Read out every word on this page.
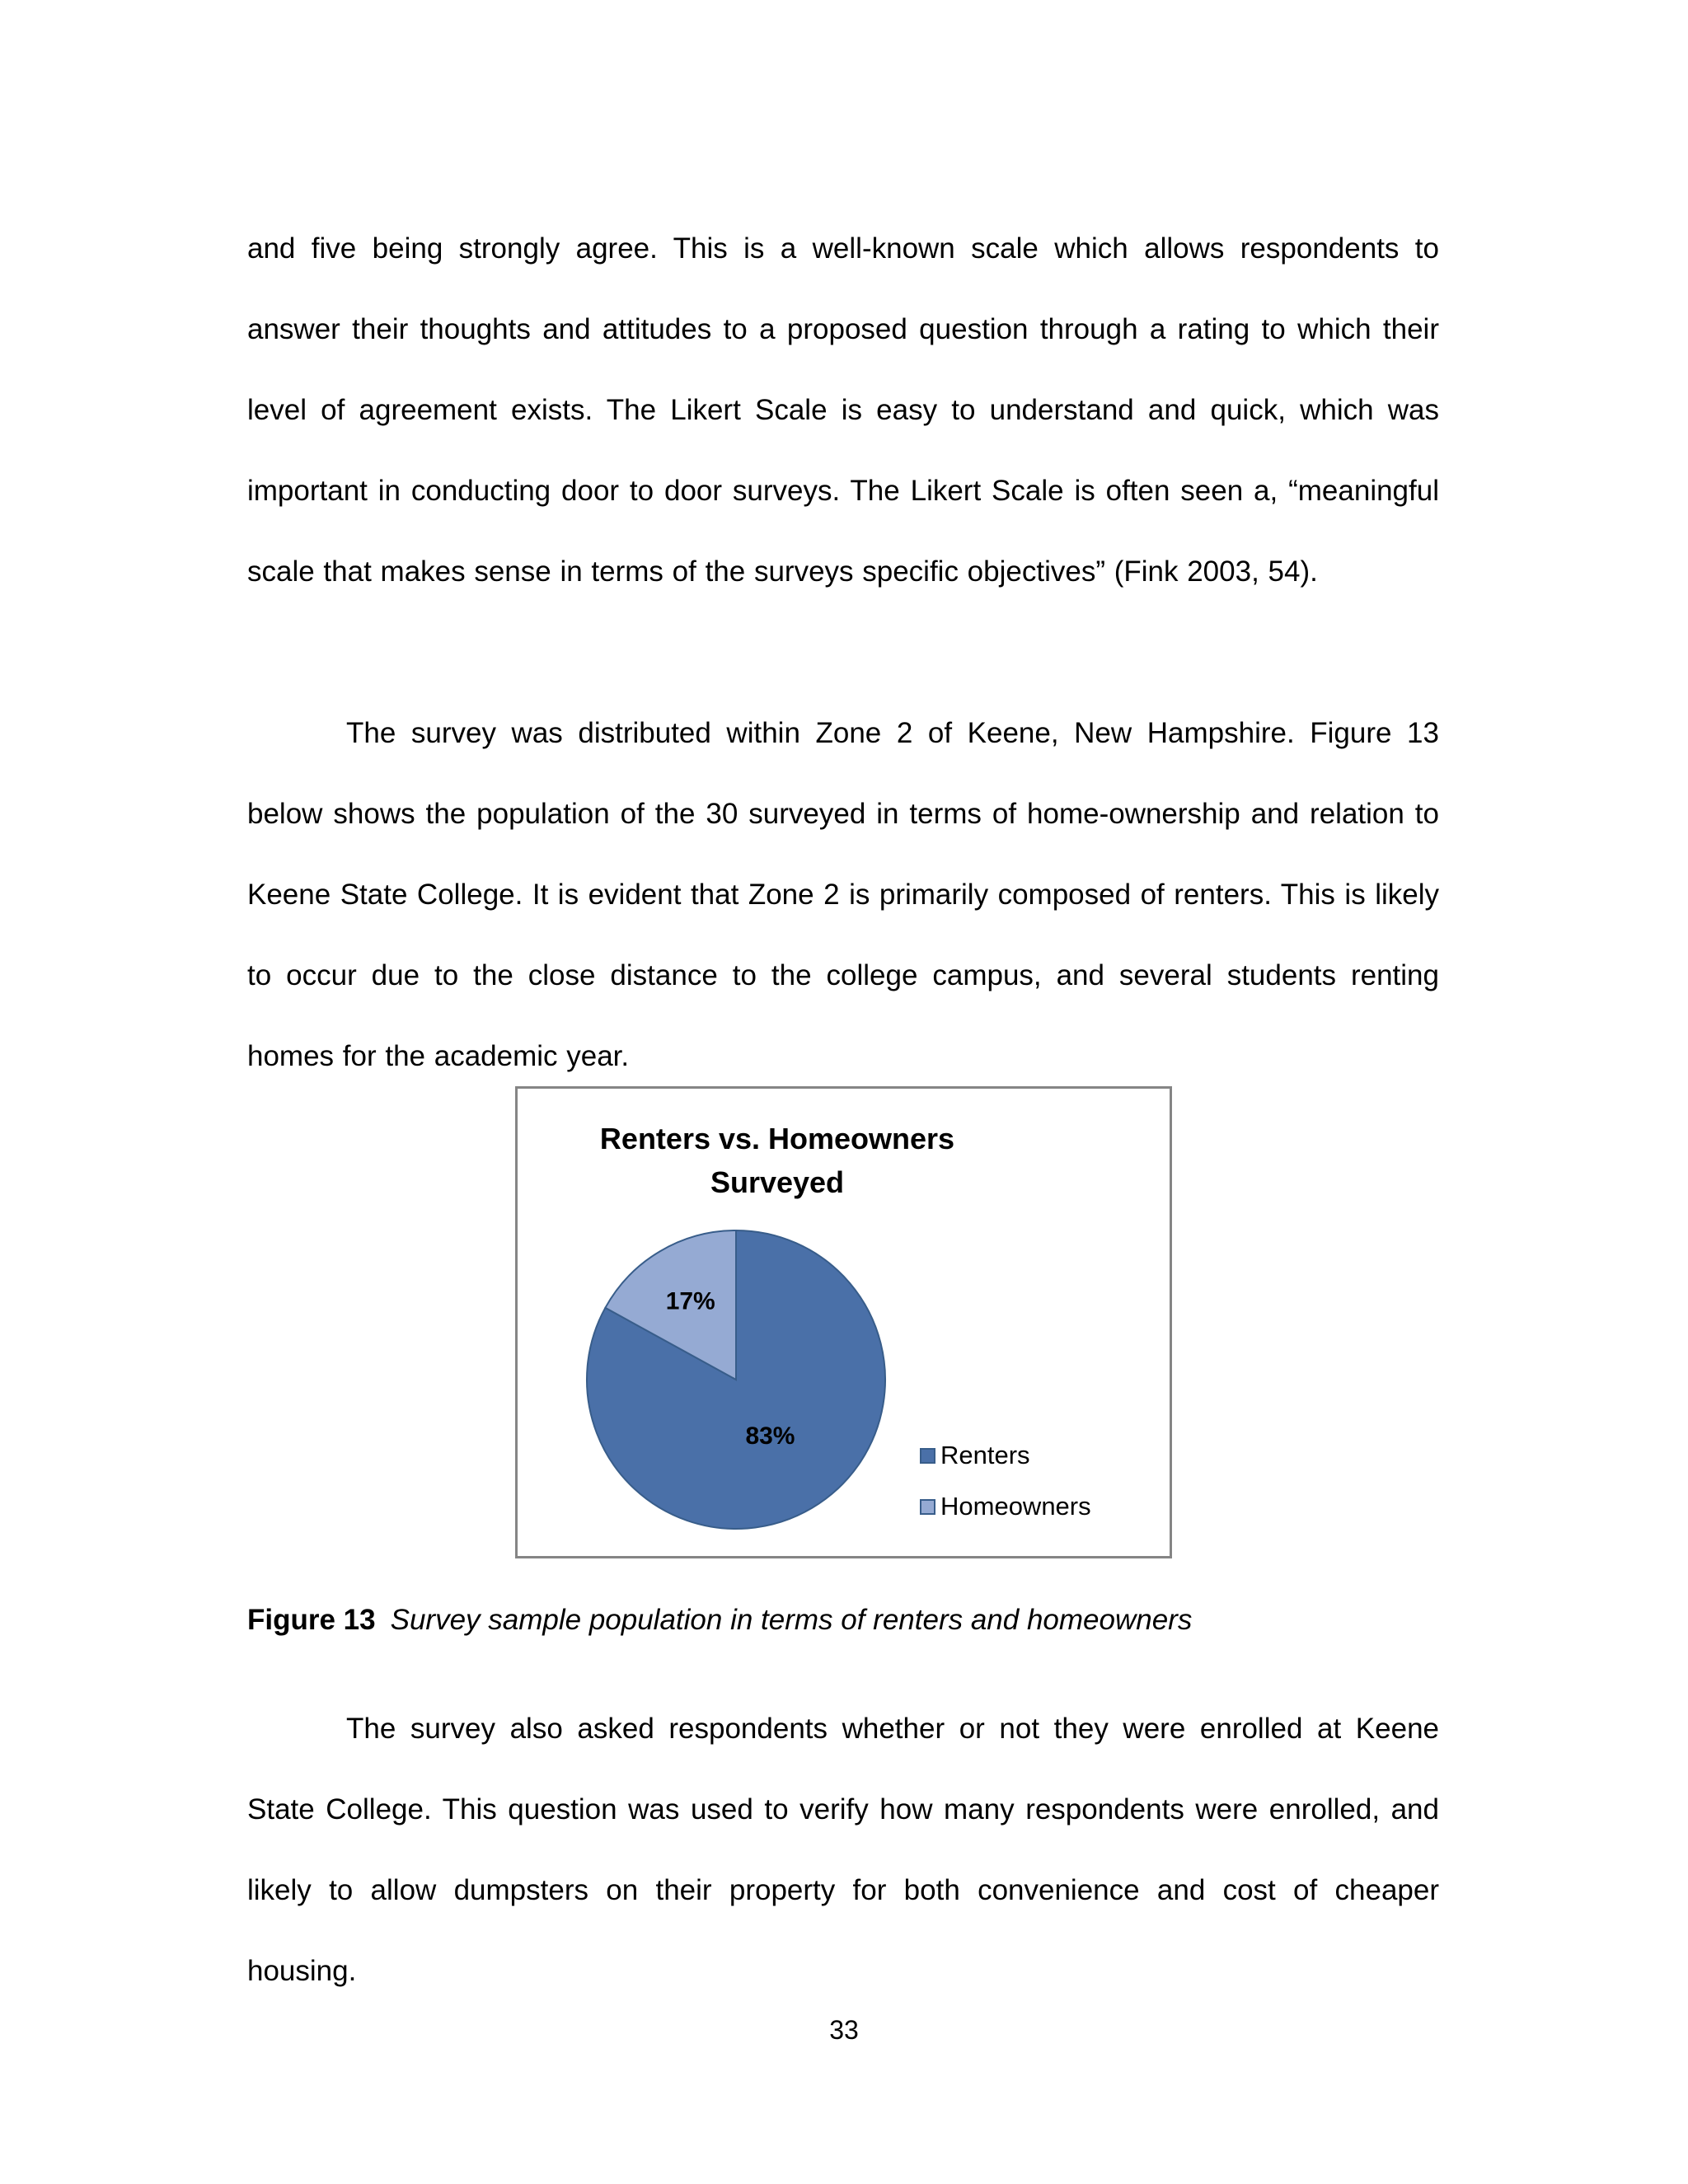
and five being strongly agree. This is a well-known scale which allows respondents to answer their thoughts and attitudes to a proposed question through a rating to which their level of agreement exists. The Likert Scale is easy to understand and quick, which was important in conducting door to door surveys. The Likert Scale is often seen a, “meaningful scale that makes sense in terms of the surveys specific objectives” (Fink 2003, 54).

The survey was distributed within Zone 2 of Keene, New Hampshire. Figure 13 below shows the population of the 30 surveyed in terms of home-ownership and relation to Keene State College. It is evident that Zone 2 is primarily composed of renters. This is likely to occur due to the close distance to the college campus, and several students renting homes for the academic year.

Renters vs. Homeowners
Surveyed
83%
17%
Renters
Homeowners
Figure 13 Survey sample population in terms of renters and homeowners

The survey also asked respondents whether or not they were enrolled at Keene State College. This question was used to verify how many respondents were enrolled, and likely to allow dumpsters on their property for both convenience and cost of cheaper housing.

33
